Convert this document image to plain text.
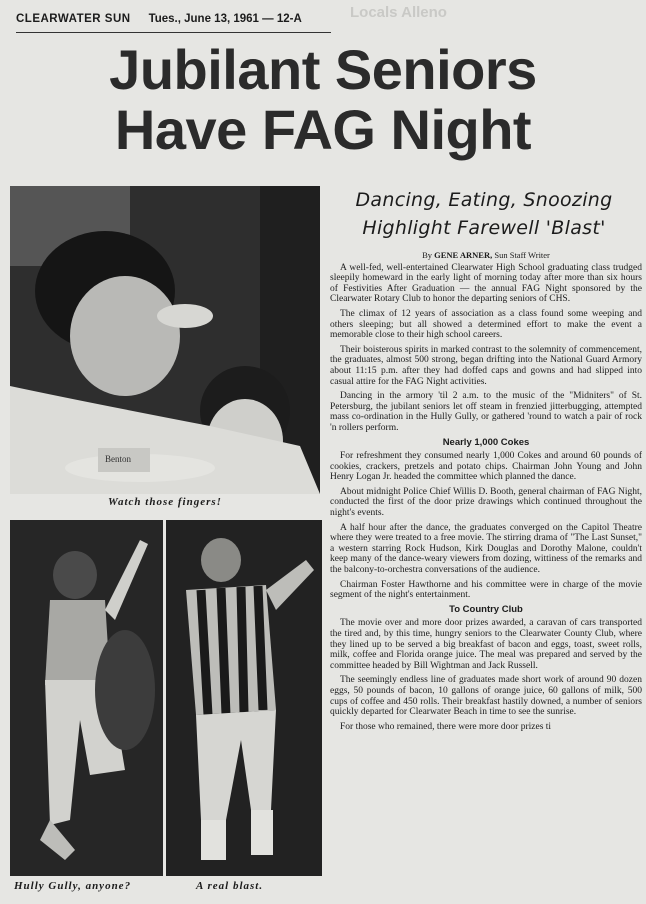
CLEARWATER SUN Tues., June 13, 1961 — 12-A	Locals Alleno
Jubilant Seniors
Have FAG Night
Benton
Watch those fingers!
Hully Gully, anyone?	A real blast.
Dancing, Eating, Snoozing
Highlight Farewell 'Blast'
By GENE ARNER, Sun Staff Writer

A well-fed, well-entertained Clearwater High School graduating class trudged sleepily homeward in the early light of morning today after more than six hours of Festivities After Graduation — the annual FAG Night sponsored by the Clearwater Rotary Club to honor the departing seniors of CHS.

The climax of 12 years of association as a class found some weeping and others sleeping; but all showed a determined effort to make the event a memorable close to their high school careers.

Their boisterous spirits in marked contrast to the solemnity of commencement, the graduates, almost 500 strong, began drifting into the National Guard Armory about 11:15 p.m. after they had doffed caps and gowns and had slipped into casual attire for the FAG Night activities.

Dancing in the armory 'til 2 a.m. to the music of the "Midniters" of St. Petersburg, the jubilant seniors let off steam in frenzied jitterbugging, attempted mass co-ordination in the Hully Gully, or gathered 'round to watch a pair of rock 'n rollers perform.

Nearly 1,000 Cokes

For refreshment they consumed nearly 1,000 Cokes and around 60 pounds of cookies, crackers, pretzels and potato chips. Chairman John Young and John Henry Logan Jr. headed the committee which planned the dance.

About midnight Police Chief Willis D. Booth, general chairman of FAG Night, conducted the first of the door prize drawings which continued throughout the night's events.

A half hour after the dance, the graduates converged on the Capitol Theatre where they were treated to a free movie. The stirring drama of "The Last Sunset," a western starring Rock Hudson, Kirk Douglas and Dorothy Malone, couldn't keep many of the dance-weary viewers from dozing, wittiness of the remarks and the balcony-to-orchestra conversations of the audience.

Chairman Foster Hawthorne and his committee were in charge of the movie segment of the night's entertainment.

To Country Club

The movie over and more door prizes awarded, a caravan of cars transported the tired and, by this time, hungry seniors to the Clearwater County Club, where they lined up to be served a big breakfast of bacon and eggs, toast, sweet rolls, milk, coffee and Florida orange juice. The meal was prepared and served by the committee headed by Bill Wightman and Jack Russell.

The seemingly endless line of graduates made short work of around 90 dozen eggs, 50 pounds of bacon, 10 gallons of orange juice, 60 gallons of milk, 500 cups of coffee and 450 rolls. Their breakfast hastily downed, a number of seniors quickly departed for Clearwater Beach in time to see the sunrise.

For those who remained, there were more door prizes ti
